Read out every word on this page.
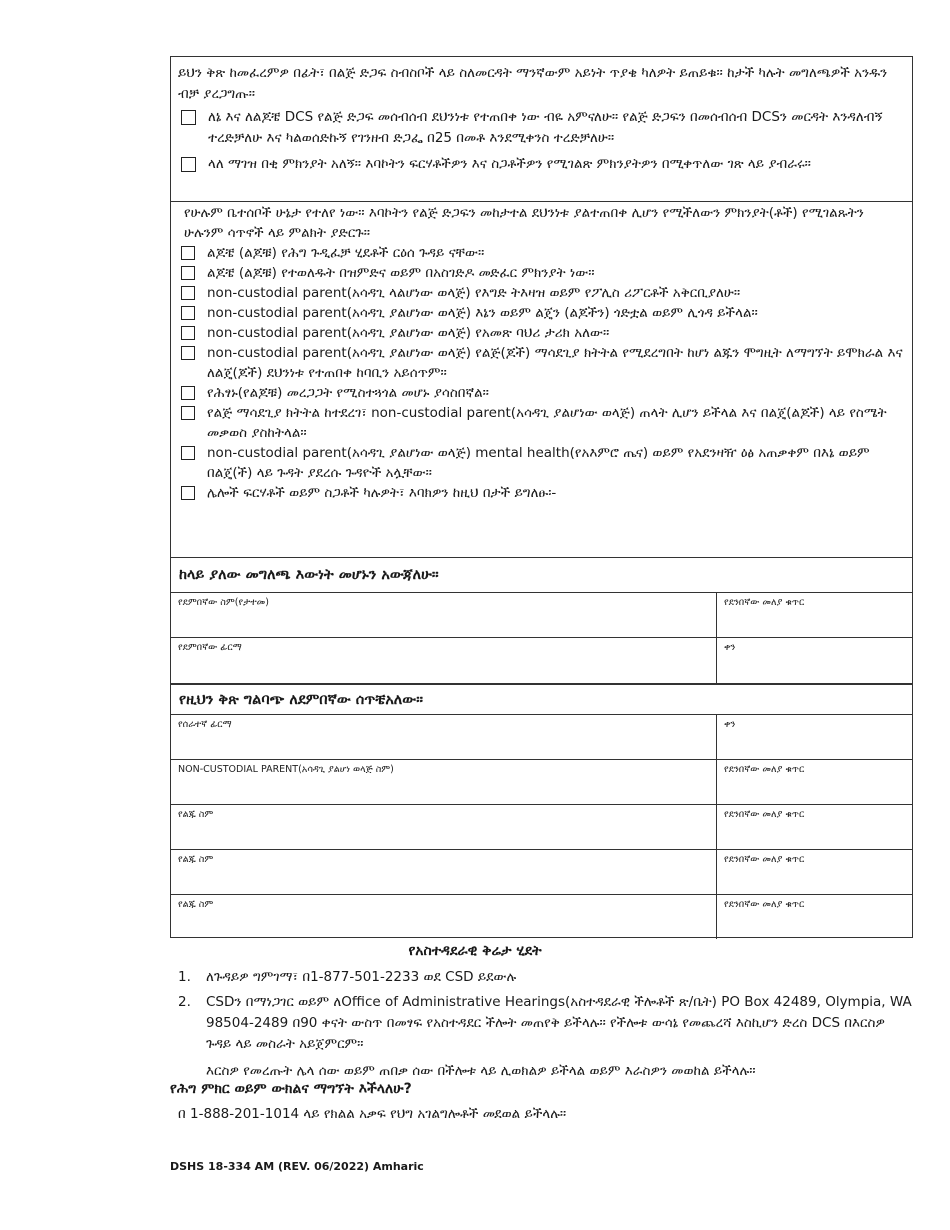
ይህን ቅጽ ከመፈረምዎ በፊት፣ በልጅ ድጋፍ ስብስቦች ላይ ስለመርዳት ማንኛውም አይነት ጥያቄ ካለዎት ይጠይቁ። ከታች ካሉት መግለጫዎች አንዱን ብቻ ያረጋግጡ።
ለኔ እና ለልጆቼ DCS የልጅ ድጋፍ መሰብሰብ ደህንነቱ የተጠበቀ ነው ብዬ አምናለሁ። የልጅ ድጋፍን በመሰብሰብ DCSን መርዳት እንዳለብኝ ተረድቻለሁ እና ካልወሰድኩኝ የገንዘብ ድጋፌ በ25 በመቶ እንደሚቀንስ ተረድቻለሁ።
ላለ ማገዝ በቂ ምክንያት አለኝ። እባኮትን ፍርሃቶችዎን እና ስጋቶችዎን የሚገልጽ ምክንያትዎን በሚቀጥለው ገጽ ላይ ያብራሩ።
የሁሉም ቤተሰቦች ሁኔታ የተለየ ነው። እባኮትን የልጅ ድጋፍን መከታተል ደህንነቱ ያልተጠበቀ ሊሆን የሚችለውን ምክንያት(ቶች) የሚገልጹትን ሁሉንም ሳጥኖች ላይ ምልክት ያድርጉ።
ልጆቼ (ልጆቹ) የሕግ ጉዲፈቻ ሂደቶች ርዕሰ ጉዳይ ናቸው።
ልጆቼ (ልጆቹ) የተወለዱት በዝምድና ወይም በአስገድዶ መድፈር ምክንያት ነው።
non-custodial parent(አሳዳጊ ላልሆነው ወላጅ) የእግድ ትእዛዝ ወይም የፖሊስ ሪፖርቶች አቅርቢያለሁ።
non-custodial parent(አሳዳጊ ያልሆነው ወላጅ) እኔን ወይም ልጄን (ልጆችን) ጎድቷል ወይም ሊጎዳ ይችላል።
non-custodial parent(አሳዳጊ ያልሆነው ወላጅ) የአመጽ ባህሪ ታሪክ አለው።
non-custodial parent(አሳዳጊ ያልሆነው ወላጅ) የልጅ(ጆች) ማሳደጊያ ክትትል የሚደረግበት ከሆነ ልጁን ሞግዚት ለማግኘት ይሞክራል እና ለልጄ(ጆች) ደህንነቱ የተጠበቀ ከባቢን አይሰጥም።
የሕፃኑ(የልጆቹ) መረጋጋት የሚስተጓጎል መሆኑ ያሳስበኛል።
የልጅ ማሳደጊያ ክትትል ከተደረገ፣ non-custodial parent(አሳዳጊ ያልሆነው ወላጅ) ጠላት ሊሆን ይችላል እና በልጄ(ልጆች) ላይ የስሜት መቃወስ ያስከትላል።
non-custodial parent(አሳዳጊ ያልሆነው ወላጅ) mental health(የአእምሮ ጤና) ወይም የአደንዛዥ ዕፅ አጠቃቀም በእኔ ወይም በልጄ(ች) ላይ ጉዳት ያደረሱ ጉዳዮች አሏቸው።
ሌሎች ፍርሃቶች ወይም ስጋቶች ካሉዎት፣ እባክዎን ከዚህ በታች ይግለፁ፡-
ከላይ ያለው መግለጫ እውነት መሆኑን አውጃለሁ።
የደምበኛው ስም(የታተመ)	የደንበኛው መለያ ቁጥር
የደምበኛው ፊርማ	ቀን
የዚህን ቅጽ ግልባጭ ለደምበኛው ሰጥቼአለው።
የሰራተኛ ፊርማ	ቀን
NON-CUSTODIAL PARENT(አሳዳጊ ያልሆነ ወላጅ ስም)	የደንበኛው መለያ ቁጥር
የልጁ ስም	የደንበኛው መለያ ቁጥር
የልጁ ስም	የደንበኛው መለያ ቁጥር
የልጁ ስም	የደንበኛው መለያ ቁጥር
የአስተዳደራዊ ቅሬታ ሂደት
1.	ለጉዳይዎ ግምገማ፣ በ1-877-501-2233 ወደ CSD ይደውሉ
2.	CSDን በማነጋገር ወይም ለOffice of Administrative Hearings(አስተዳደራዊ ችሎቶች ጽ/ቤት) PO Box 42489, Olympia, WA 98504-2489 በ90 ቀናት ውስጥ በመፃፍ የአስተዳደር ችሎት መጠየቅ ይችላሉ። የችሎቱ ውሳኔ የመጨረሻ እስኪሆን ድረስ DCS በእርስዎ ጉዳይ ላይ መስራት አይጀምርም።
እርስዎ የመረጡት ሌላ ሰው ወይም ጠበቃ ሰው በችሎቱ ላይ ሊወክልዎ ይችላል ወይም እራስዎን መወከል ይችላሉ።
የሕግ ምክር ወይም ውክልና ማግኘት እችላለሁ?
በ 1-888-201-1014 ላይ የክልል አቃፍ የህግ አገልግሎቶች መደወል ይችላሉ።
DSHS 18-334 AM (REV. 06/2022) Amharic
